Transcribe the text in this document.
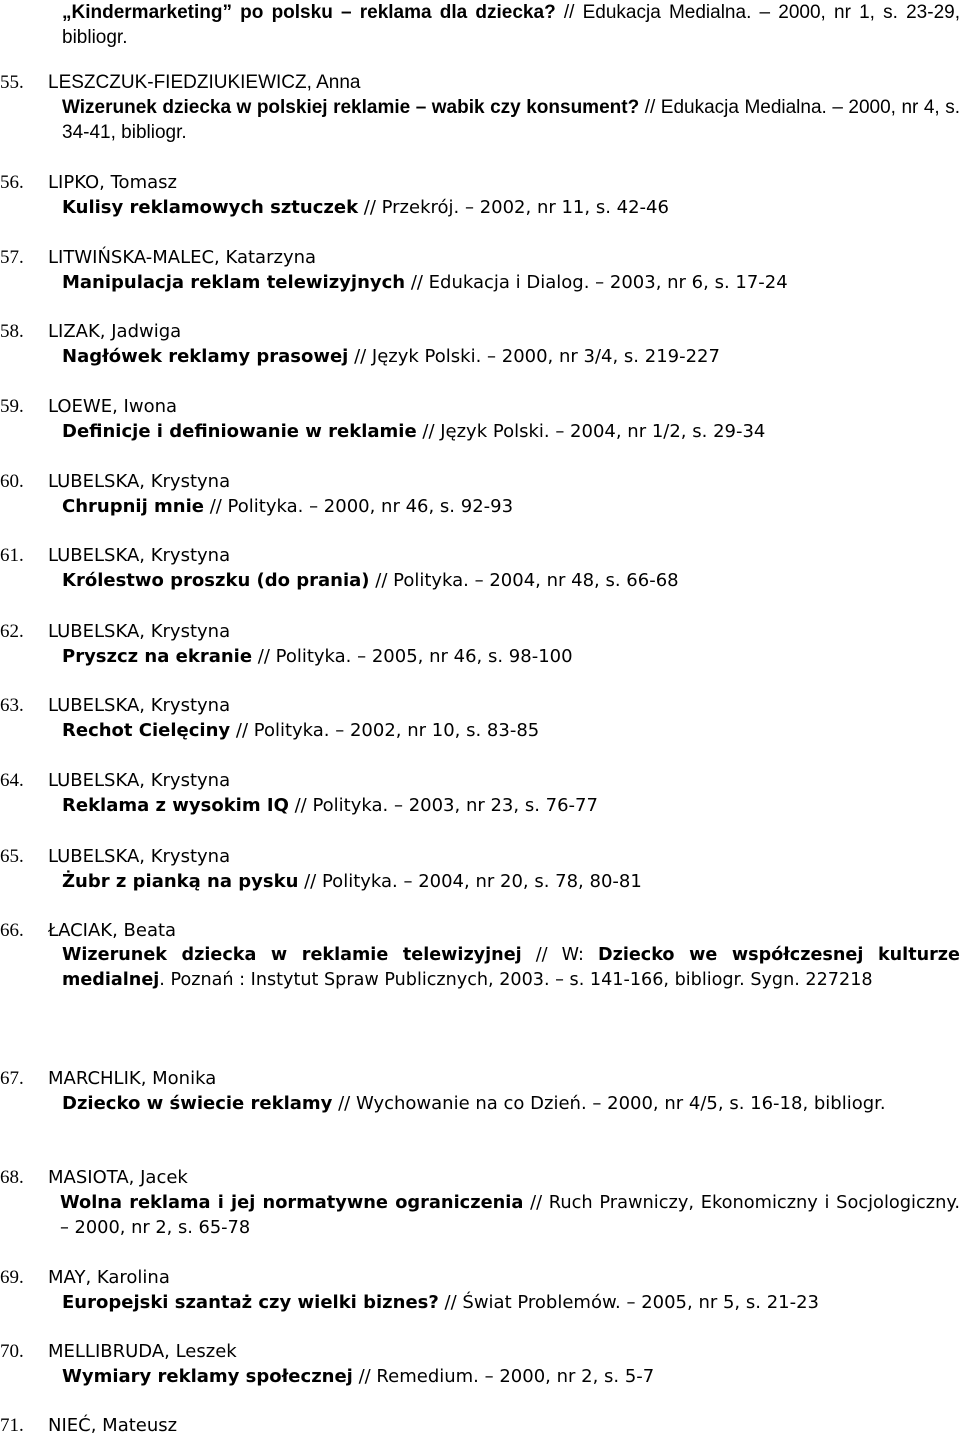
„Kindermarketing” po polsku – reklama dla dziecka? // Edukacja Medialna. – 2000, nr 1, s. 23-29, bibliogr.
55. LESZCZUK-FIEDZIUKIEWICZ, Anna
Wizerunek dziecka w polskiej reklamie – wabik czy konsument? // Edukacja Medialna. – 2000, nr 4, s. 34-41, bibliogr.
56. LIPKO, Tomasz
Kulisy reklamowych sztuczek // Przekrój. – 2002, nr 11, s. 42-46
57. LITWIŃSKA-MALEC, Katarzyna
Manipulacja reklam telewizyjnych // Edukacja i Dialog. – 2003, nr 6, s. 17-24
58. LIZAK, Jadwiga
Nagłówek reklamy prasowej // Język Polski. – 2000, nr 3/4, s. 219-227
59. LOEWE, Iwona
Definicje i definiowanie w reklamie // Język Polski. – 2004, nr 1/2, s. 29-34
60. LUBELSKA, Krystyna
Chrupnij mnie // Polityka. – 2000, nr 46, s. 92-93
61. LUBELSKA, Krystyna
Królestwo proszku (do prania) // Polityka. – 2004, nr 48, s. 66-68
62. LUBELSKA, Krystyna
Pryszcz na ekranie // Polityka. – 2005, nr 46, s. 98-100
63. LUBELSKA, Krystyna
Rechot Cielęciny // Polityka. – 2002, nr 10, s. 83-85
64. LUBELSKA, Krystyna
Reklama z wysokim IQ // Polityka. – 2003, nr 23, s. 76-77
65. LUBELSKA, Krystyna
Żubr z pianką na pysku // Polityka. – 2004, nr 20, s. 78, 80-81
66. ŁACIAK, Beata
Wizerunek dziecka w reklamie telewizyjnej // W: Dziecko we współczesnej kulturze medialnej. Poznań : Instytut Spraw Publicznych, 2003. – s. 141-166, bibliogr. Sygn. 227218
67. MARCHLIK, Monika
Dziecko w świecie reklamy // Wychowanie na co Dzień. – 2000, nr 4/5, s. 16-18, bibliogr.
68. MASIOTA, Jacek
Wolna reklama i jej normatywne ograniczenia // Ruch Prawniczy, Ekonomiczny i Socjologiczny. – 2000, nr 2, s. 65-78
69. MAY, Karolina
Europejski szantaż czy wielki biznes? // Świat Problemów. – 2005, nr 5, s. 21-23
70. MELLIBRUDA, Leszek
Wymiary reklamy społecznej // Remedium. – 2000, nr 2, s. 5-7
71. NIEĆ, Mateusz
